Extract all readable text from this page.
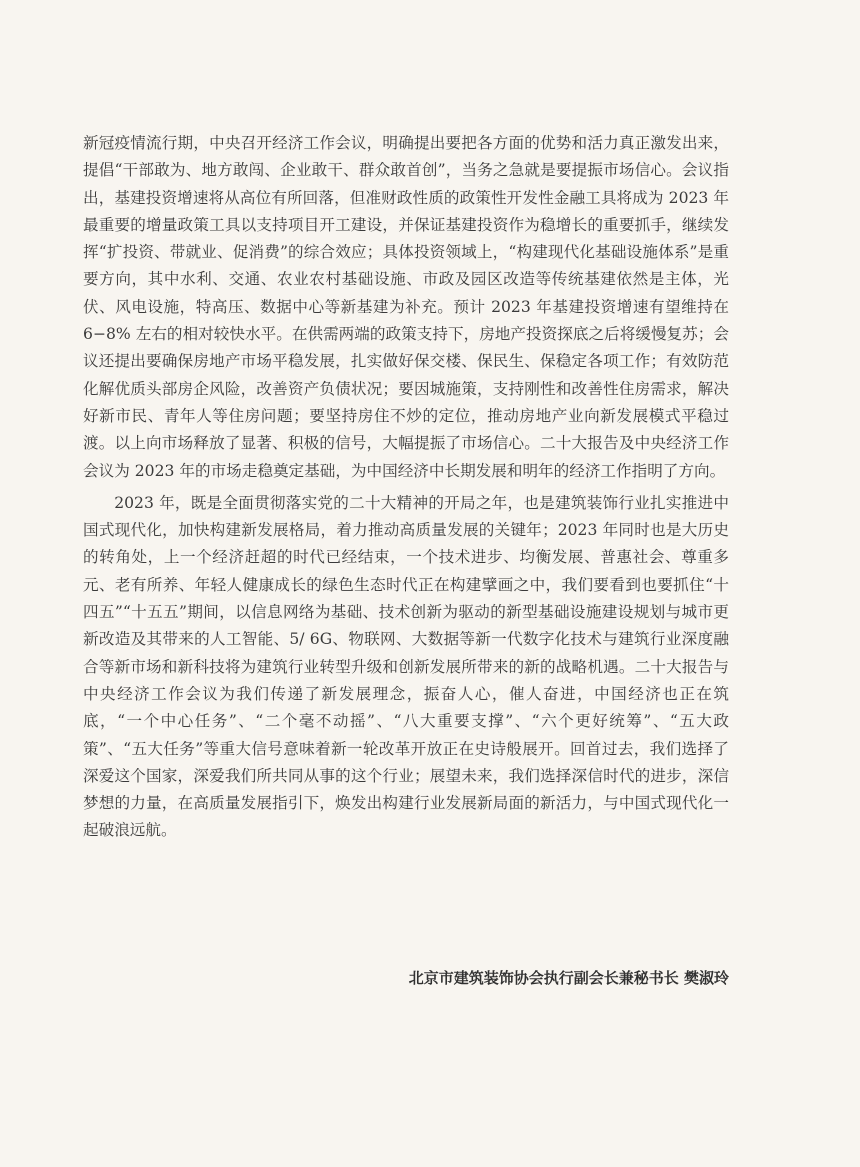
新冠疫情流行期，中央召开经济工作会议，明确提出要把各方面的优势和活力真正激发出来，提倡“干部敢为、地方敢闯、企业敢干、群众敢首创”，当务之急就是要提振市场信心。会议指出，基建投资增速将从高位有所回落，但准财政性质的政策性开发性金融工具将成为 2023 年最重要的增量政策工具以支持项目开工建设，并保证基建投资作为稳增长的重要抓手，继续发挥“扩投资、带就业、促消费”的综合效应；具体投资领域上，“构建现代化基础设施体系”是重要方向，其中水利、交通、农业农村基础设施、市政及园区改造等传统基建依然是主体，光伏、风电设施，特高压、数据中心等新基建为补充。预计 2023 年基建投资增速有望维持在 6−8% 左右的相对较快水平。在供需两端的政策支持下，房地产投资探底之后将缓慢复苏；会议还提出要确保房地产市场平稳发展，扎实做好保交楼、保民生、保稳定各项工作；有效防范化解优质头部房企风险，改善资产负债状况；要因城施策，支持刚性和改善性住房需求，解决好新市民、青年人等住房问题；要坚持房住不炒的定位，推动房地产业向新发展模式平稳过渡。以上向市场释放了显著、积极的信号，大幅提振了市场信心。二十大报告及中央经济工作会议为 2023 年的市场走稳奠定基础，为中国经济中长期发展和明年的经济工作指明了方向。

2023 年，既是全面贯彻落实党的二十大精神的开局之年，也是建筑装饰行业扎实推进中国式现代化，加快构建新发展格局，着力推动高质量发展的关键年；2023 年同时也是大历史的转角处，上一个经济赶超的时代已经结束，一个技术进步、均衡发展、普惠社会、尊重多元、老有所养、年轻人健康成长的绿色生态时代正在构建擘画之中，我们要看到也要抓住“十四五”“十五五”期间，以信息网络为基础、技术创新为驱动的新型基础设施建设规划与城市更新改造及其带来的人工智能、5/ 6G、物联网、大数据等新一代数字化技术与建筑行业深度融合等新市场和新科技将为建筑行业转型升级和创新发展所带来的新的战略机遇。二十大报告与中央经济工作会议为我们传递了新发展理念，振奋人心，催人奋进，中国经济也正在筑底，“一个中心任务”、“二个毫不动摇”、“八大重要支撑”、“六个更好统筹”、“五大政策”、“五大任务”等重大信号意味着新一轮改革开放正在史诗般展开。回首过去，我们选择了深爱这个国家，深爱我们所共同从事的这个行业；展望未来，我们选择深信时代的进步，深信梦想的力量，在高质量发展指引下，焕发出构建行业发展新局面的新活力，与中国式现代化一起破浪远航。

北京市建筑装饰协会执行副会长兼秘书长 樊淑玲
